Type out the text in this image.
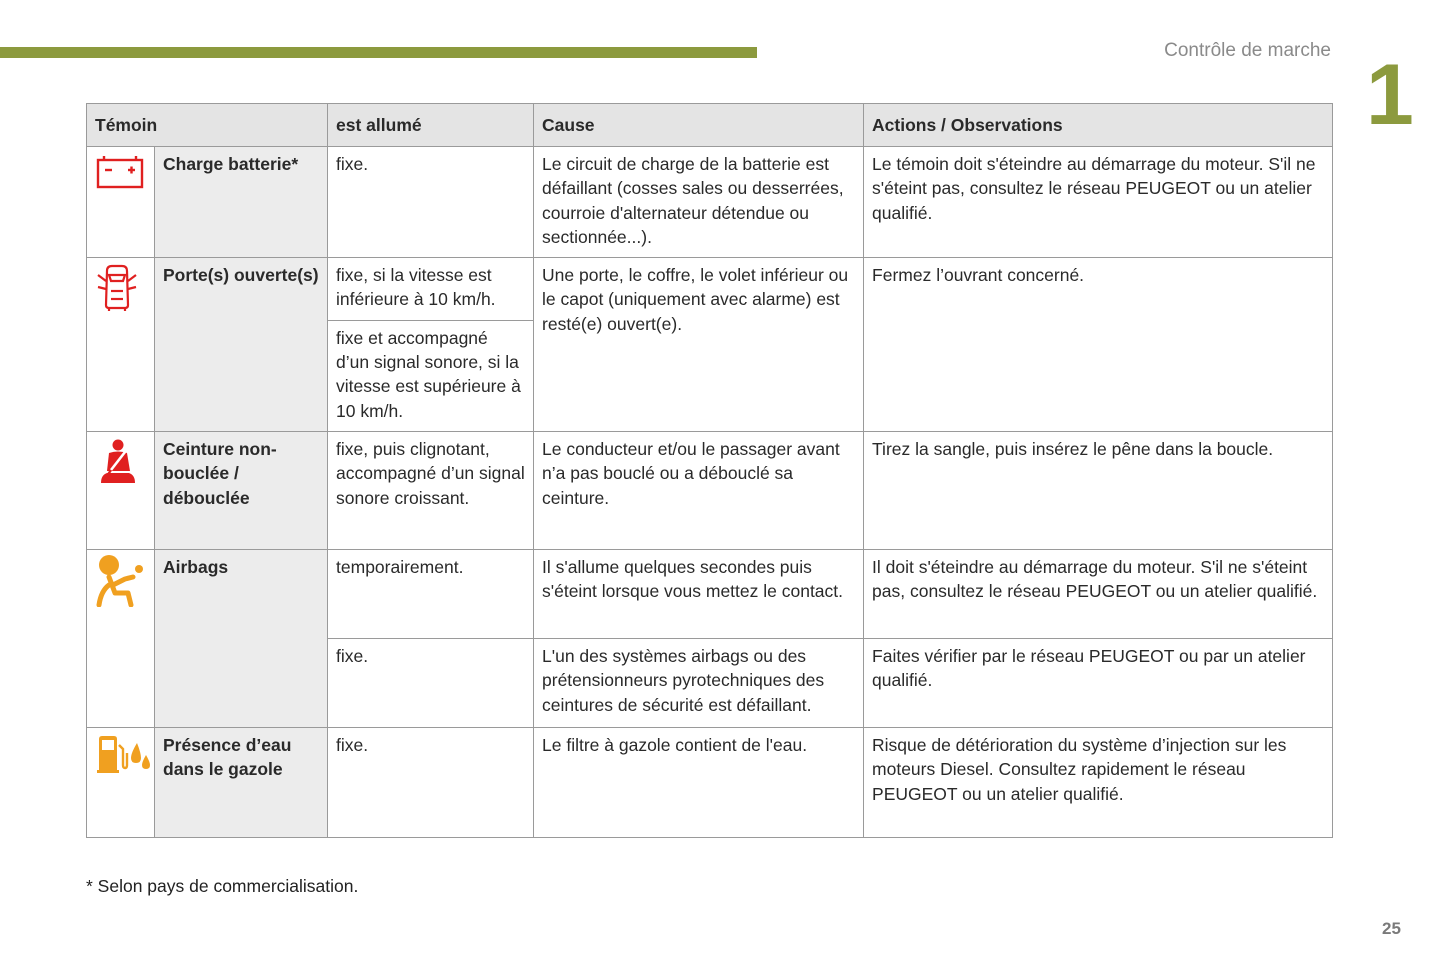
Contrôle de marche 1
Témoin		est allumé	Cause	Actions / Observations
	Charge batterie*	fixe.	Le circuit de charge de la batterie est défaillant (cosses sales ou desserrées, courroie d'alternateur détendue ou sectionnée...).	Le témoin doit s'éteindre au démarrage du moteur. S'il ne s'éteint pas, consultez le réseau PEUGEOT ou un atelier qualifié.
	Porte(s) ouverte(s)	fixe, si la vitesse est inférieure à 10 km/h.	Une porte, le coffre, le volet inférieur ou le capot (uniquement avec alarme) est resté(e) ouvert(e).	Fermez l’ouvrant concerné.
		fixe et accompagné d’un signal sonore, si la vitesse est supérieure à 10 km/h.		
	Ceinture non-bouclée / débouclée	fixe, puis clignotant, accompagné d’un signal sonore croissant.	Le conducteur et/ou le passager avant n’a pas bouclé ou a débouclé sa ceinture.	Tirez la sangle, puis insérez le pêne dans la boucle.
	Airbags	temporairement.	Il s'allume quelques secondes puis s'éteint lorsque vous mettez le contact.	Il doit s'éteindre au démarrage du moteur. S'il ne s'éteint pas, consultez le réseau PEUGEOT ou un atelier qualifié.
		fixe.	L'un des systèmes airbags ou des prétensionneurs pyrotechniques des ceintures de sécurité est défaillant.	Faites vérifier par le réseau PEUGEOT ou par un atelier qualifié.
	Présence d’eau dans le gazole	fixe.	Le filtre à gazole contient de l'eau.	Risque de détérioration du système d’injection sur les moteurs Diesel. Consultez rapidement le réseau PEUGEOT ou un atelier qualifié.
* Selon pays de commercialisation.
25
